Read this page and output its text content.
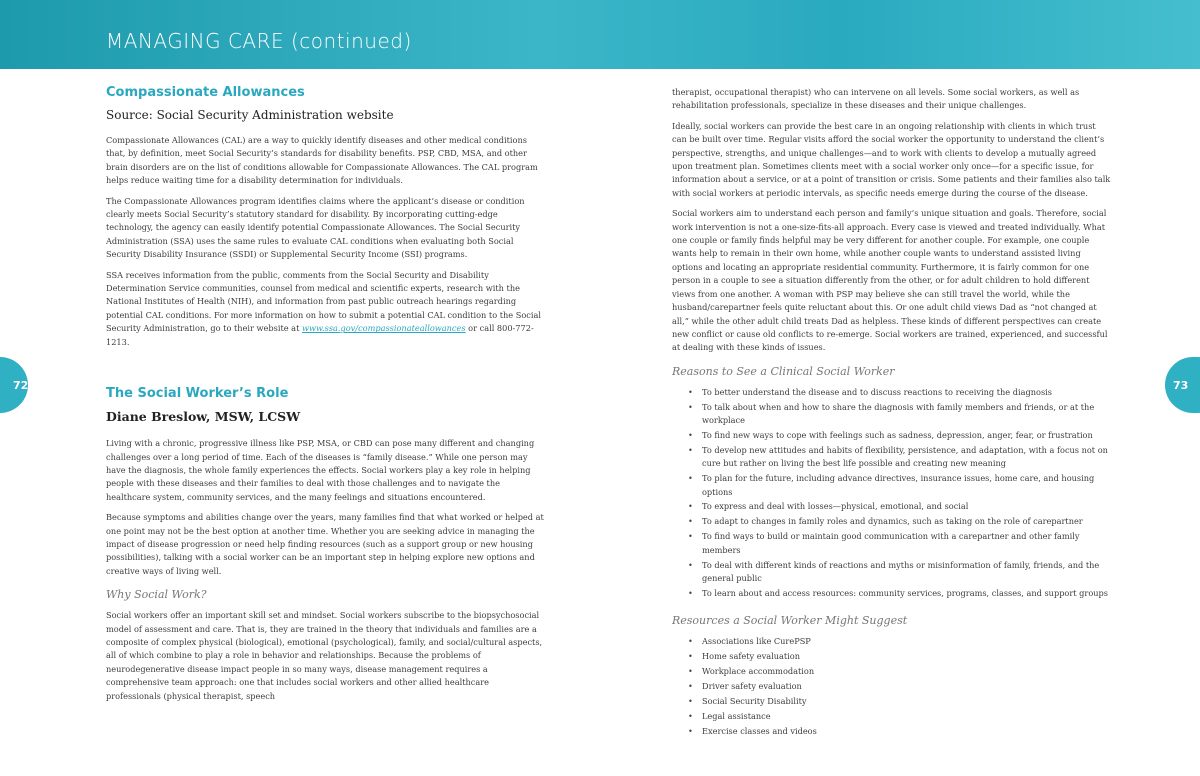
MANAGING CARE (continued)
72	73
Compassionate Allowances
Source: Social Security Administration website

Compassionate Allowances (CAL) are a way to quickly identify diseases and other medical conditions that, by definition, meet Social Security’s standards for disability benefits. PSP, CBD, MSA, and other brain disorders are on the list of conditions allowable for Compassionate Allowances. The CAL program helps reduce waiting time for a disability determination for individuals.

The Compassionate Allowances program identifies claims where the applicant’s disease or condition clearly meets Social Security’s statutory standard for disability. By incorporating cutting-edge technology, the agency can easily identify potential Compassionate Allowances. The Social Security Administration (SSA) uses the same rules to evaluate CAL conditions when evaluating both Social Security Disability Insurance (SSDI) or Supplemental Security Income (SSI) programs.

SSA receives information from the public, comments from the Social Security and Disability Determination Service communities, counsel from medical and scientific experts, research with the National Institutes of Health (NIH), and information from past public outreach hearings regarding potential CAL conditions. For more information on how to submit a potential CAL condition to the Social Security Administration, go to their website at www.ssa.gov/compassionateallowances or call 800-772-1213.

The Social Worker’s Role
Diane Breslow, MSW, LCSW

Living with a chronic, progressive illness like PSP, MSA, or CBD can pose many different and changing challenges over a long period of time. Each of the diseases is “family disease.” While one person may have the diagnosis, the whole family experiences the effects. Social workers play a key role in helping people with these diseases and their families to deal with those challenges and to navigate the healthcare system, community services, and the many feelings and situations encountered.

Because symptoms and abilities change over the years, many families find that what worked or helped at one point may not be the best option at another time. Whether you are seeking advice in managing the impact of disease progression or need help finding resources (such as a support group or new housing possibilities), talking with a social worker can be an important step in helping explore new options and creative ways of living well.

Why Social Work?

Social workers offer an important skill set and mindset. Social workers subscribe to the biopsychosocial model of assessment and care. That is, they are trained in the theory that individuals and families are a composite of complex physical (biological), emotional (psychological), family, and social/cultural aspects, all of which combine to play a role in behavior and relationships. Because the problems of neurodegenerative disease impact people in so many ways, disease management requires a comprehensive team approach: one that includes social workers and other allied healthcare professionals (physical therapist, speech

therapist, occupational therapist) who can intervene on all levels. Some social workers, as well as rehabilitation professionals, specialize in these diseases and their unique challenges.

Ideally, social workers can provide the best care in an ongoing relationship with clients in which trust can be built over time. Regular visits afford the social worker the opportunity to understand the client’s perspective, strengths, and unique challenges—and to work with clients to develop a mutually agreed upon treatment plan. Sometimes clients meet with a social worker only once—for a specific issue, for information about a service, or at a point of transition or crisis. Some patients and their families also talk with social workers at periodic intervals, as specific needs emerge during the course of the disease.

Social workers aim to understand each person and family’s unique situation and goals. Therefore, social work intervention is not a one-size-fits-all approach. Every case is viewed and treated individually. What one couple or family finds helpful may be very different for another couple. For example, one couple wants help to remain in their own home, while another couple wants to understand assisted living options and locating an appropriate residential community. Furthermore, it is fairly common for one person in a couple to see a situation differently from the other, or for adult children to hold different views from one another. A woman with PSP may believe she can still travel the world, while the husband/carepartner feels quite reluctant about this. Or one adult child views Dad as “not changed at all,” while the other adult child treats Dad as helpless. These kinds of different perspectives can create new conflict or cause old conflicts to re-emerge. Social workers are trained, experienced, and successful at dealing with these kinds of issues.

Reasons to See a Clinical Social Worker
• To better understand the disease and to discuss reactions to receiving the diagnosis
• To talk about when and how to share the diagnosis with family members and friends, or at the workplace
• To find new ways to cope with feelings such as sadness, depression, anger, fear, or frustration
• To develop new attitudes and habits of flexibility, persistence, and adaptation, with a focus not on cure but rather on living the best life possible and creating new meaning
• To plan for the future, including advance directives, insurance issues, home care, and housing options
• To express and deal with losses—physical, emotional, and social
• To adapt to changes in family roles and dynamics, such as taking on the role of carepartner
• To find ways to build or maintain good communication with a carepartner and other family members
• To deal with different kinds of reactions and myths or misinformation of family, friends, and the general public
• To learn about and access resources: community services, programs, classes, and support groups
Resources a Social Worker Might Suggest
• Associations like CurePSP
• Home safety evaluation
• Workplace accommodation
• Driver safety evaluation
• Social Security Disability
• Legal assistance
• Exercise classes and videos
